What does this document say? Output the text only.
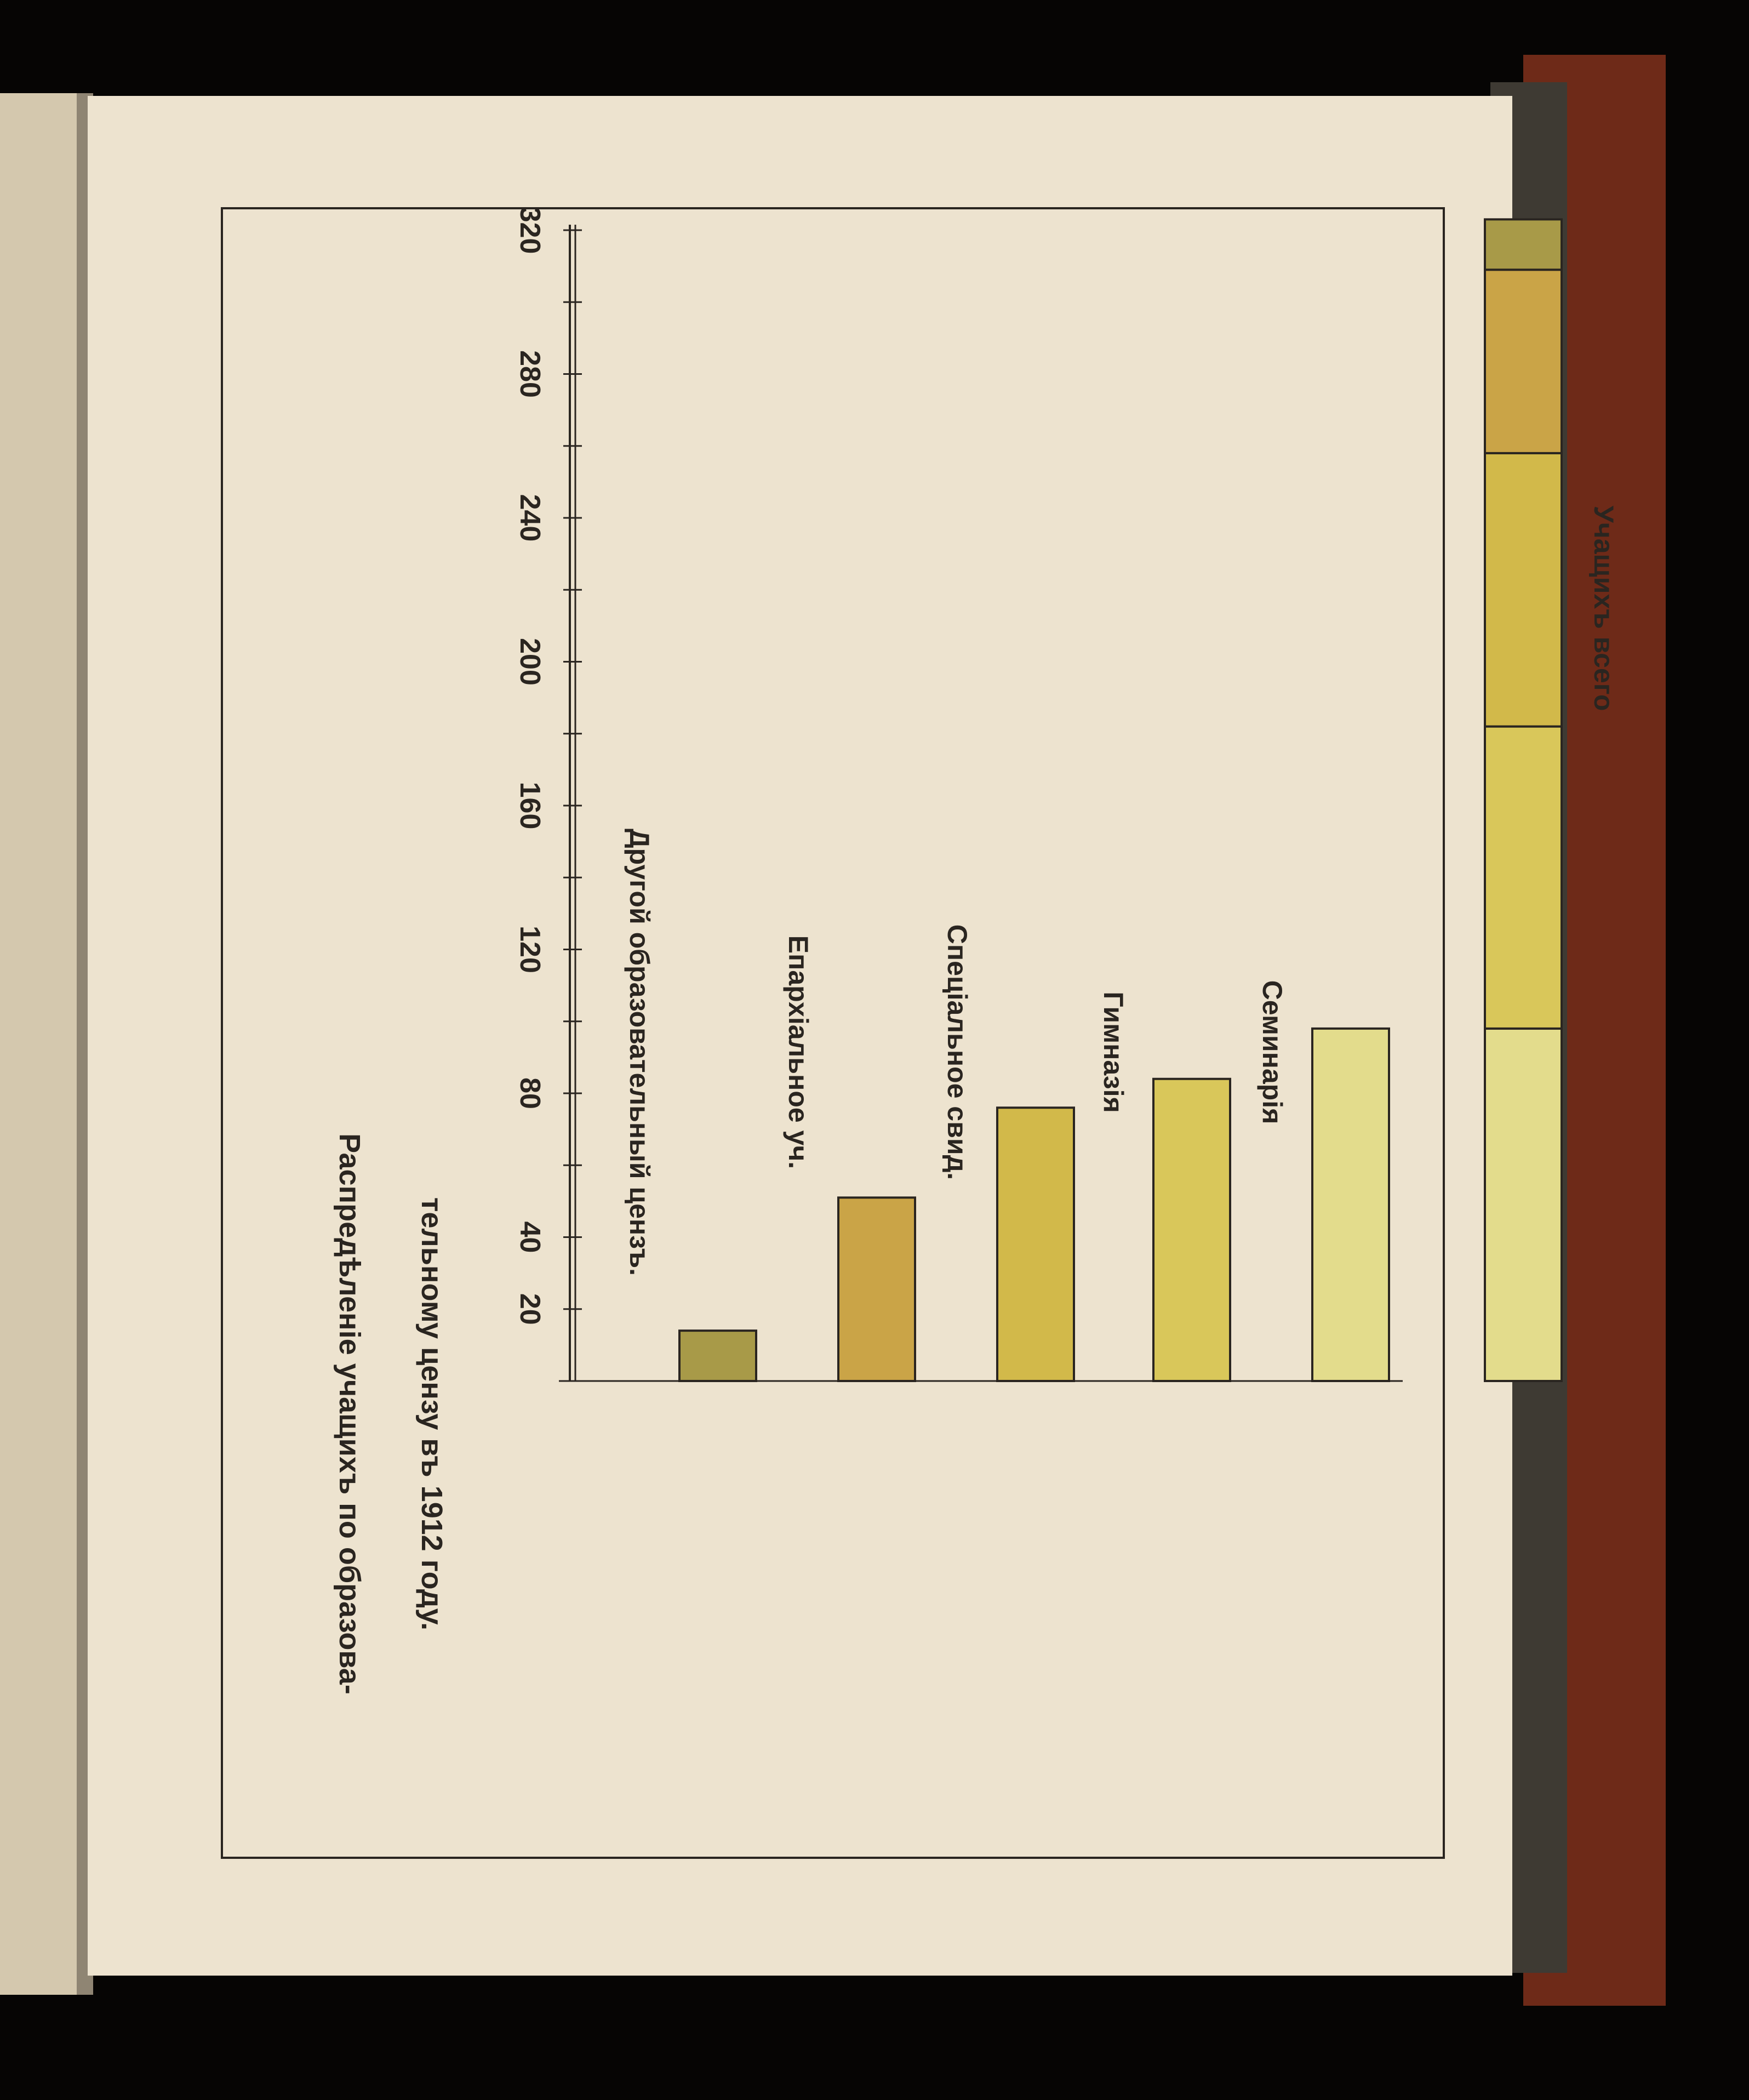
Распредѣленіе учащихъ по образова- тельному цензу въ 1912 году. 20
40
80
120
160
200
240
280
320
Другой образовательный цензъ.	Епархіальное уч.	Спеціальное свид.	Гимназія	Семинарія
Учащихъ всего
